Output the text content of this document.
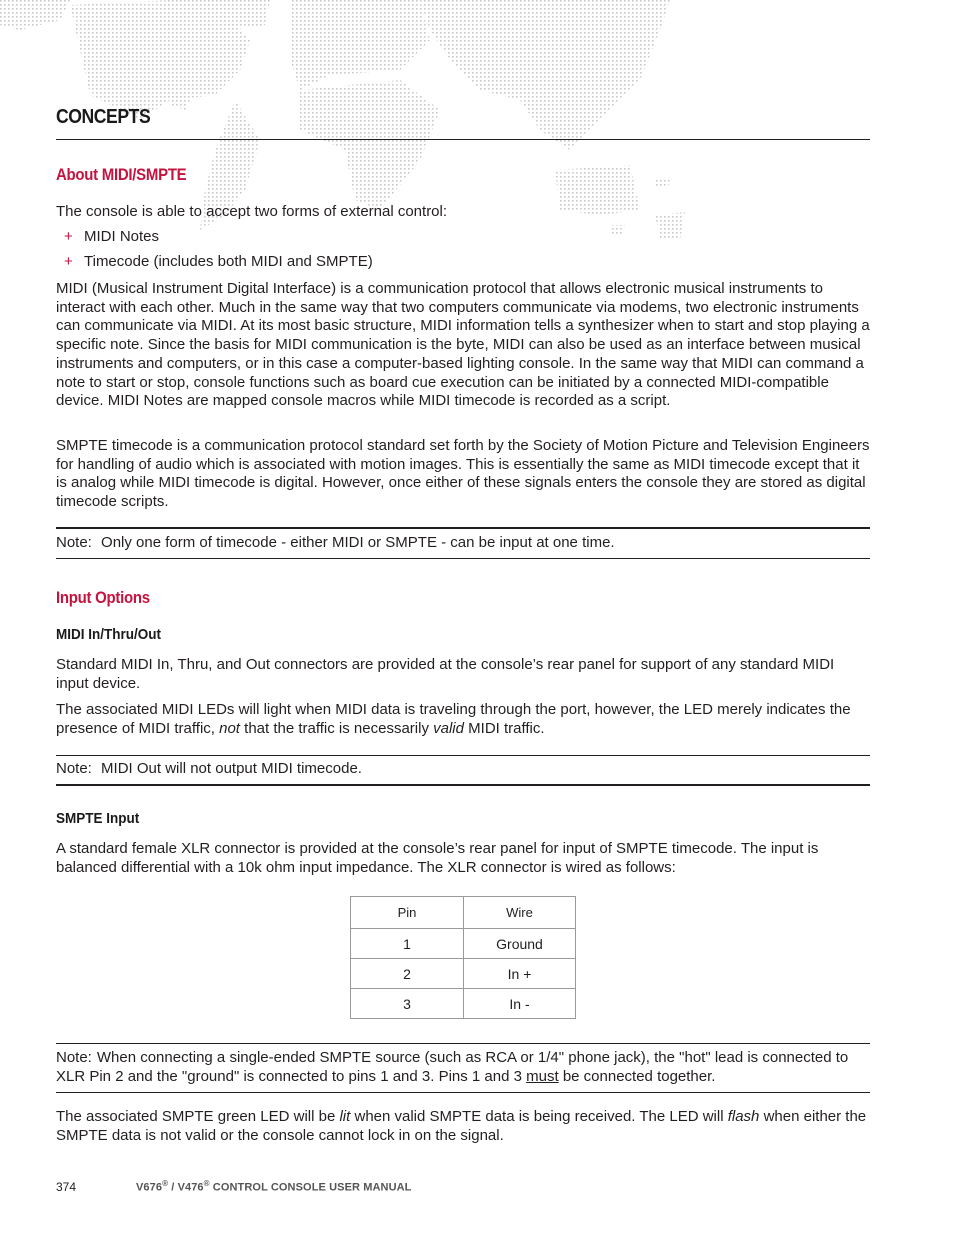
CONCEPTS
About MIDI/SMPTE

The console is able to accept two forms of external control:

+ MIDI Notes

+ Timecode (includes both MIDI and SMPTE)

MIDI (Musical Instrument Digital Interface) is a communication protocol that allows electronic musical instruments to interact with each other. Much in the same way that two computers communicate via modems, two electronic instruments can communicate via MIDI. At its most basic structure, MIDI information tells a synthesizer when to start and stop playing a specific note. Since the basis for MIDI communication is the byte, MIDI can also be used as an interface between musical instruments and computers, or in this case a computer-based lighting console. In the same way that MIDI can command a note to start or stop, console functions such as board cue execution can be initiated by a connected MIDI-compatible device. MIDI Notes are mapped console macros while MIDI timecode is recorded as a script.

SMPTE timecode is a communication protocol standard set forth by the Society of Motion Picture and Television Engineers for handling of audio which is associated with motion images. This is essentially the same as MIDI timecode except that it is analog while MIDI timecode is digital. However, once either of these signals enters the console they are stored as digital timecode scripts.

Note: Only one form of timecode - either MIDI or SMPTE - can be input at one time.
Input Options
MIDI In/Thru/Out

Standard MIDI In, Thru, and Out connectors are provided at the console’s rear panel for support of any standard MIDI input device.

The associated MIDI LEDs will light when MIDI data is traveling through the port, however, the LED merely indicates the presence of MIDI traffic, not that the traffic is necessarily valid MIDI traffic.

Note: MIDI Out will not output MIDI timecode.
SMPTE Input

A standard female XLR connector is provided at the console’s rear panel for input of SMPTE timecode. The input is balanced differential with a 10k ohm input impedance. The XLR connector is wired as follows:

Pin	Wire
1	Ground
2	In +
3	In -
Note: When connecting a single-ended SMPTE source (such as RCA or 1/4" phone jack), the "hot" lead is connected to XLR Pin 2 and the "ground" is connected to pins 1 and 3. Pins 1 and 3 must be connected together.

The associated SMPTE green LED will be lit when valid SMPTE data is being received. The LED will flash when either the SMPTE data is not valid or the console cannot lock in on the signal.

374	V676® / V476® CONTROL CONSOLE USER MANUAL
